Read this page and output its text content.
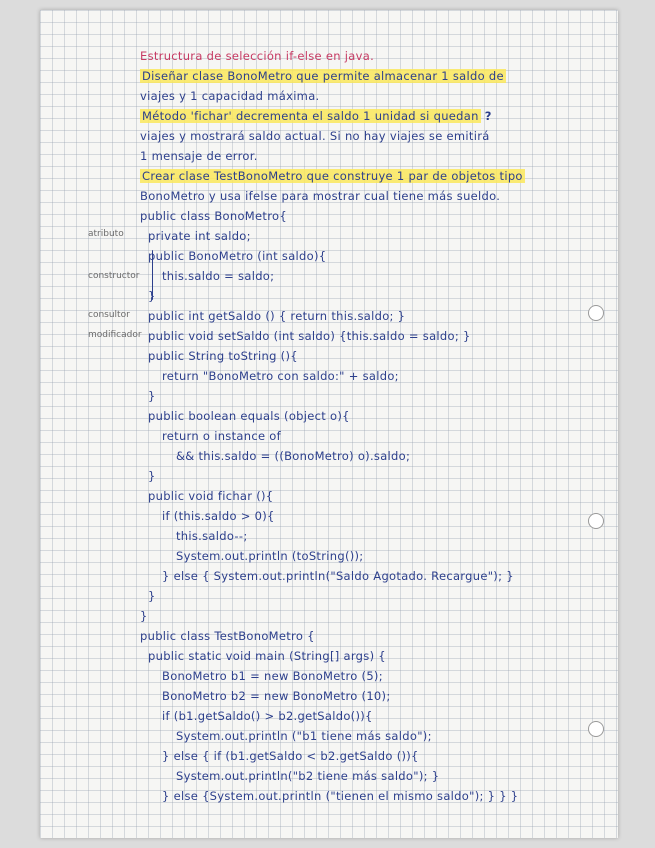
atributo
constructor
consultor
modificador
Estructura de selección if-else en java.
Diseñar clase BonoMetro que permite almacenar 1 saldo de
viajes y 1 capacidad máxima.
Método 'fichar' decrementa el saldo 1 unidad si quedan ?
viajes y mostrará saldo actual. Si no hay viajes se emitirá
1 mensaje de error.
Crear clase TestBonoMetro que construye 1 par de objetos tipo
BonoMetro y usa ifelse para mostrar cual tiene más sueldo.
public class BonoMetro{
private int saldo;
public BonoMetro (int saldo){
this.saldo = saldo;
}
public int getSaldo () { return this.saldo; }
public void setSaldo (int saldo) {this.saldo = saldo; }
public String toString (){
return "BonoMetro con saldo:" + saldo;
}
public boolean equals (object o){
return o instance of
&& this.saldo = ((BonoMetro) o).saldo;
}
public void fichar (){
if (this.saldo > 0){
this.saldo--;
System.out.println (toString());
} else { System.out.println("Saldo Agotado. Recargue"); }
}
}
public class TestBonoMetro {
public static void main (String[] args) {
BonoMetro b1 = new BonoMetro (5);
BonoMetro b2 = new BonoMetro (10);
if (b1.getSaldo() > b2.getSaldo()){
System.out.println ("b1 tiene más saldo");
} else { if (b1.getSaldo < b2.getSaldo ()){
System.out.println("b2 tiene más saldo"); }
} else {System.out.println ("tienen el mismo saldo"); } } }
